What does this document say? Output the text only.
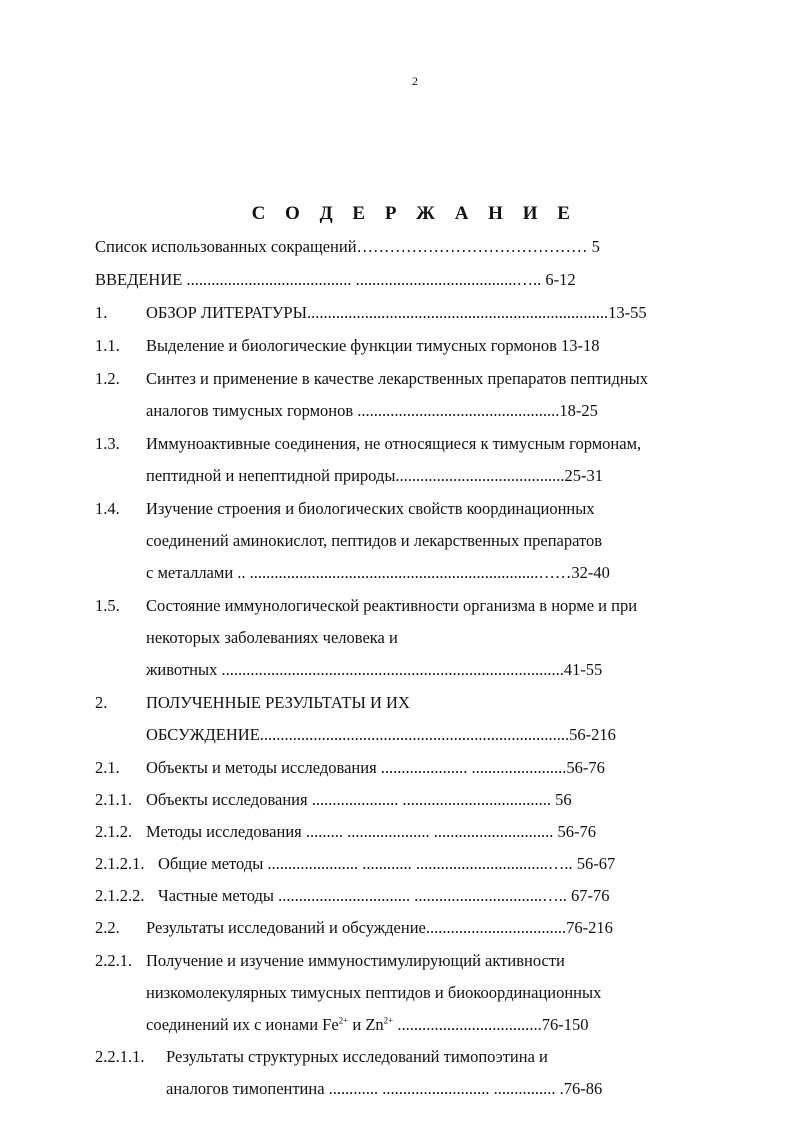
2
С О Д Е Р Ж А Н И Е
Список использованных сокращений…………………………………… 5
ВВЕДЕНИЕ ........................................ .......................................….. 6-12
1. ОБЗОР ЛИТЕРАТУРЫ.........................................................................13-55
1.1. Выделение и биологические функции тимусных гормонов 13-18
1.2. Синтез и применение в качестве лекарственных препаратов пептидных
аналогов тимусных гормонов .................................................18-25
1.3. Иммуноактивные соединения, не относящиеся к тимусным гормонам,
пептидной и непептидной природы.........................................25-31
1.4. Изучение строения и биологических свойств координационных
соединений аминокислот, пептидов и лекарственных препаратов
с металлами .. ......................................................................……32-40
1.5. Состояние иммунологической реактивности организма в норме и при
некоторых заболеваниях человека и
животных ...................................................................................41-55
2. ПОЛУЧЕННЫЕ РЕЗУЛЬТАТЫ И ИХ
ОБСУЖДЕНИЕ...........................................................................56-216
2.1. Объекты и методы исследования ..................... .......................56-76
2.1.1. Объекты исследования ..................... .................................... 56
2.1.2. Методы исследования ......... .................... ............................. 56-76
2.1.2.1. Общие методы ...................... ............ ................................….. 56-67
2.1.2.2. Частные методы ................................ ...............................….. 67-76
2.2. Результаты исследований и обсуждение..................................76-216
2.2.1. Получение и изучение иммуностимулирующий активности
низкомолекулярных тимусных пептидов и биокоординационных
соединений их с ионами $Fe^{2+}$ и $Zn^{2+}$ ...................................76-150
2.2.1.1. Результаты структурных исследований тимопоэтина и
аналогов тимопентина ............ .......................... ............... .76-86
